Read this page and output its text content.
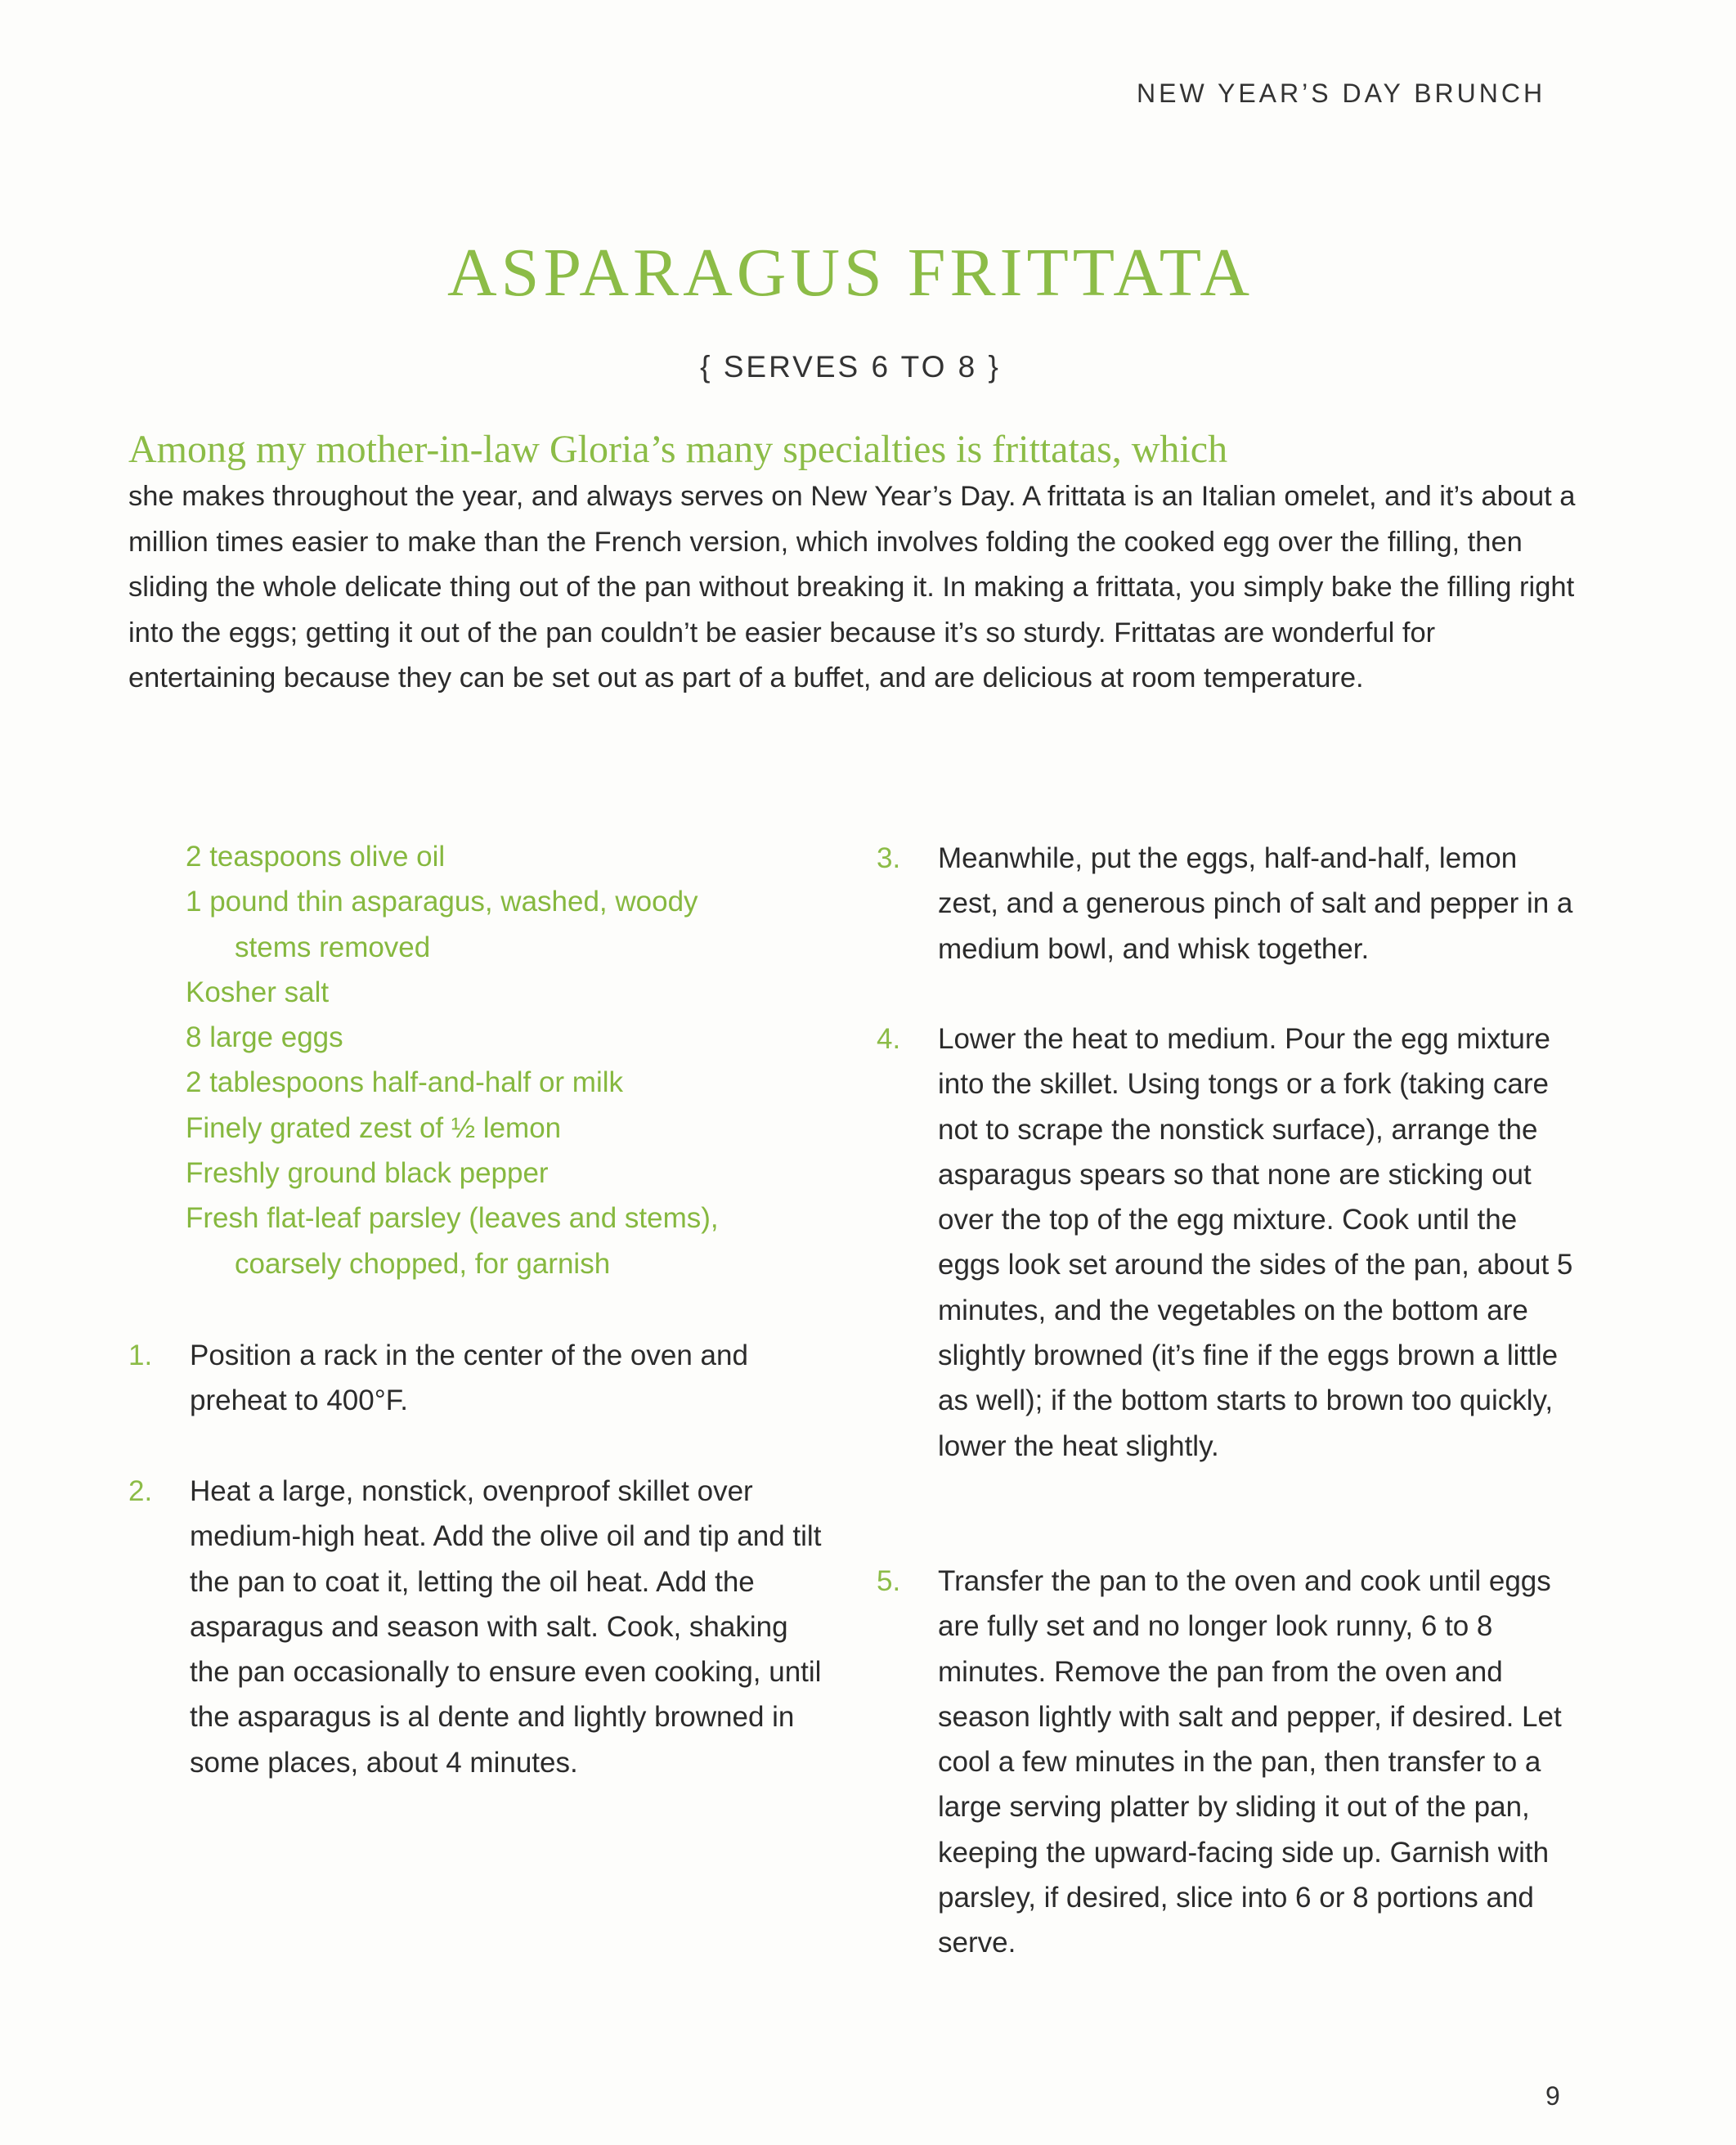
NEW YEAR’S DAY BRUNCH
ASPARAGUS FRITTATA
{ SERVES 6 TO 8 }
Among my mother-in-law Gloria’s many specialties is frittatas, which
she makes throughout the year, and always serves on New Year’s Day. A frittata is an Italian omelet, and it’s about a million times easier to make than the French version, which involves folding the cooked egg over the filling, then sliding the whole delicate thing out of the pan without breaking it. In making a frittata, you simply bake the filling right into the eggs; getting it out of the pan couldn’t be easier because it’s so sturdy. Frittatas are wonderful for entertaining because they can be set out as part of a buffet, and are delicious at room temperature.
2 teaspoons olive oil
1 pound thin asparagus, washed, woody stems removed
Kosher salt
8 large eggs
2 tablespoons half-and-half or milk
Finely grated zest of ½ lemon
Freshly ground black pepper
Fresh flat-leaf parsley (leaves and stems), coarsely chopped, for garnish
1.	Position a rack in the center of the oven and preheat to 400°F.
2.	Heat a large, nonstick, ovenproof skillet over medium-high heat. Add the olive oil and tip and tilt the pan to coat it, letting the oil heat. Add the asparagus and season with salt. Cook, shaking the pan occasionally to ensure even cooking, until the asparagus is al dente and lightly browned in some places, about 4 minutes.
3.	Meanwhile, put the eggs, half-and-half, lemon zest, and a generous pinch of salt and pepper in a medium bowl, and whisk together.
4.	Lower the heat to medium. Pour the egg mixture into the skillet. Using tongs or a fork (taking care not to scrape the nonstick surface), arrange the asparagus spears so that none are sticking out over the top of the egg mixture. Cook until the eggs look set around the sides of the pan, about 5 minutes, and the vegetables on the bottom are slightly browned (it’s fine if the eggs brown a little as well); if the bottom starts to brown too quickly, lower the heat slightly.
5.	Transfer the pan to the oven and cook until eggs are fully set and no longer look runny, 6 to 8 minutes. Remove the pan from the oven and season lightly with salt and pepper, if desired. Let cool a few minutes in the pan, then transfer to a large serving platter by sliding it out of the pan, keeping the upward-facing side up. Garnish with parsley, if desired, slice into 6 or 8 portions and serve.
9
